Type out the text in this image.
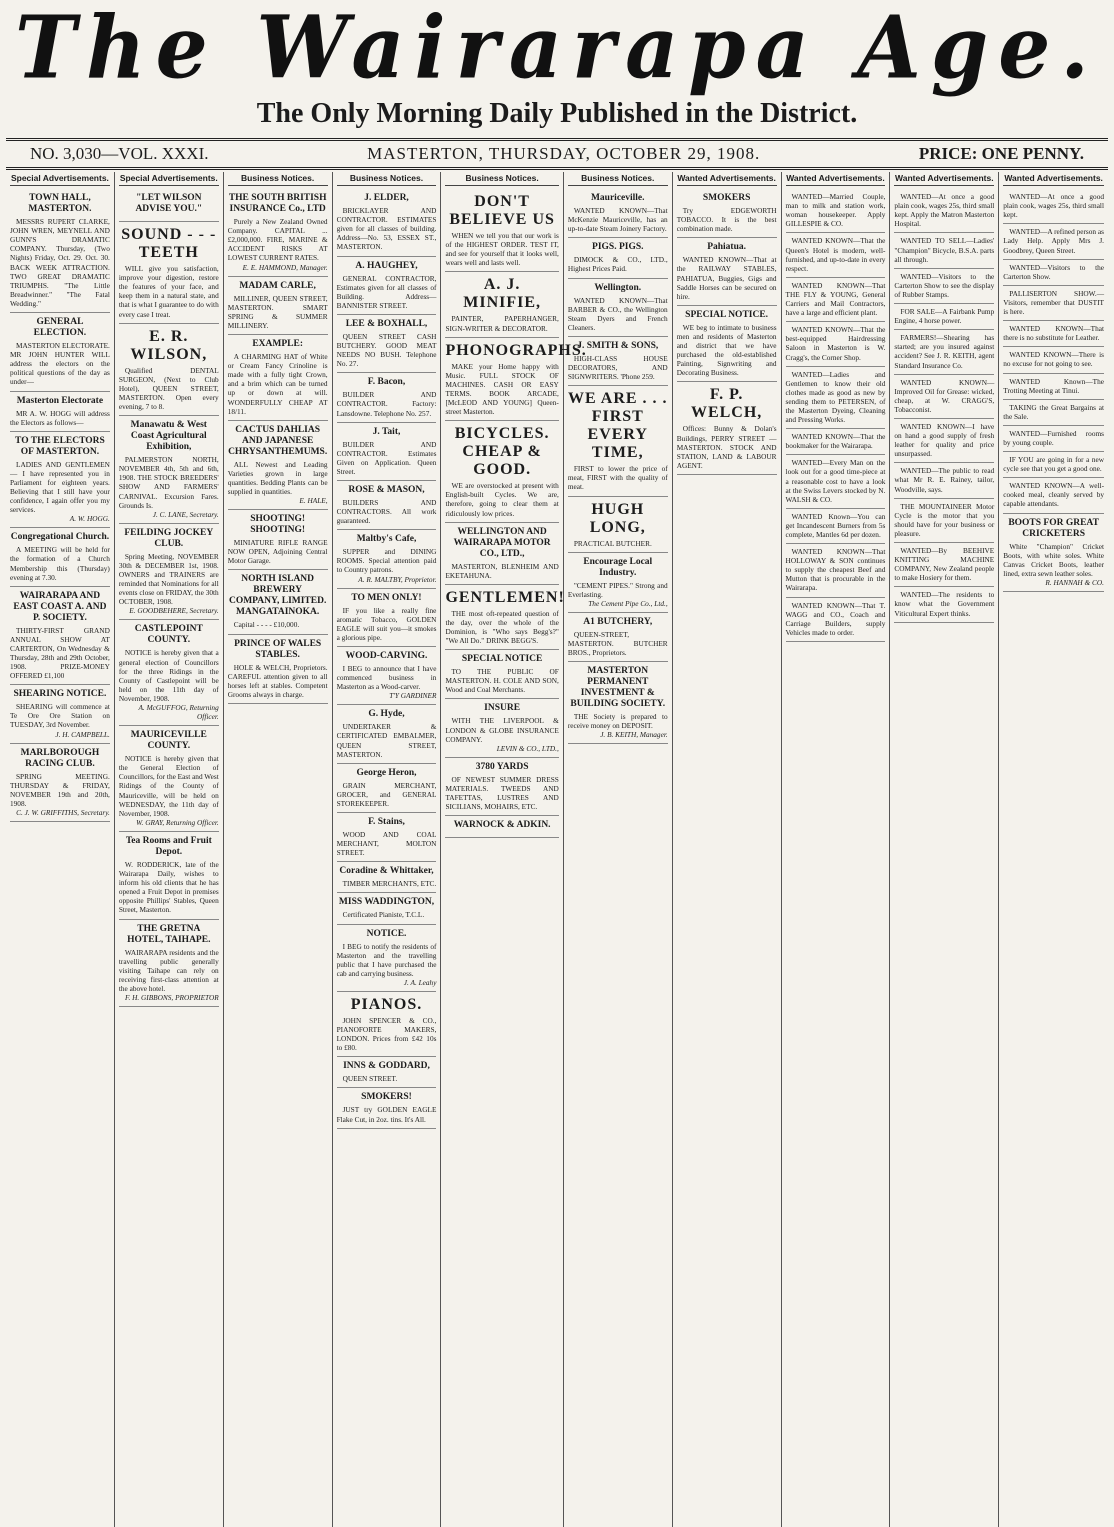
The Wairarapa Age.
The Only Morning Daily Published in the District.
NO. 3,030—VOL. XXXI.	MASTERTON, THURSDAY, OCTOBER 29, 1908.	PRICE: ONE PENNY.
Special Advertisements.
TOWN HALL, MASTERTON.

MESSRS RUPERT CLARKE, JOHN WREN, MEYNELL AND GUNN'S DRAMATIC COMPANY. Thursday, (Two Nights) Friday, Oct. 29. Oct. 30. BACK WEEK ATTRACTION. TWO GREAT DRAMATIC TRIUMPHS. "The Little Breadwinner." "The Fatal Wedding."

GENERAL ELECTION.

MASTERTON ELECTORATE. MR JOHN HUNTER WILL address the electors on the political questions of the day as under—

Masterton Electorate

MR A. W. HOGG will address the Electors as follows—

TO THE ELECTORS OF MASTERTON.

LADIES AND GENTLEMEN— I have represented you in Parliament for eighteen years. Believing that I still have your confidence, I again offer you my services.

A. W. HOGG.
Congregational Church.

A MEETING will be held for the formation of a Church Membership this (Thursday) evening at 7.30.

WAIRARAPA AND EAST COAST A. AND P. SOCIETY.

THIRTY-FIRST GRAND ANNUAL SHOW AT CARTERTON, On Wednesday & Thursday, 28th and 29th October, 1908. PRIZE-MONEY OFFERED £1,100

SHEARING NOTICE.

SHEARING will commence at Te Ore Ore Station on TUESDAY, 3rd November.

J. H. CAMPBELL.
MARLBOROUGH RACING CLUB.

SPRING MEETING. THURSDAY & FRIDAY, NOVEMBER 19th and 20th, 1908.

C. J. W. GRIFFITHS, Secretary.
Special Advertisements.
"LET WILSON ADVISE YOU."
SOUND - - - TEETH

WILL give you satisfaction, improve your digestion, restore the features of your face, and keep them in a natural state, and that is what I guarantee to do with every case I treat.

E. R. WILSON,

Qualified DENTAL SURGEON, (Next to Club Hotel), QUEEN STREET, MASTERTON. Open every evening, 7 to 8.

Manawatu & West Coast Agricultural Exhibition,

PALMERSTON NORTH, NOVEMBER 4th, 5th and 6th, 1908. THE STOCK BREEDERS' SHOW AND FARMERS' CARNIVAL. Excursion Fares. Grounds Is.

J. C. LANE, Secretary.
FEILDING JOCKEY CLUB.

Spring Meeting, NOVEMBER 30th & DECEMBER 1st, 1908. OWNERS and TRAINERS are reminded that Nominations for all events close on FRIDAY, the 30th OCTOBER, 1908.

E. GOODBEHERE, Secretary.
CASTLEPOINT COUNTY.

NOTICE is hereby given that a general election of Councillors for the three Ridings in the County of Castlepoint will be held on the 11th day of November, 1908.

A. McGUFFOG, Returning Officer.
MAURICEVILLE COUNTY.

NOTICE is hereby given that the General Election of Councillors, for the East and West Ridings of the County of Mauriceville, will be held on WEDNESDAY, the 11th day of November, 1908.

W. GRAY, Returning Officer.
Tea Rooms and Fruit Depot.

W. RODDERICK, late of the Wairarapa Daily, wishes to inform his old clients that he has opened a Fruit Depot in premises opposite Phillips' Stables, Queen Street, Masterton.

THE GRETNA HOTEL, TAIHAPE.

WAIRARAPA residents and the travelling public generally visiting Taihape can rely on receiving first-class attention at the above hotel.

F. H. GIBBONS, PROPRIETOR
Business Notices.
THE SOUTH BRITISH INSURANCE Co., LTD

Purely a New Zealand Owned Company. CAPITAL ... £2,000,000. FIRE, MARINE & ACCIDENT RISKS AT LOWEST CURRENT RATES.

E. E. HAMMOND, Manager.
MADAM CARLE,

MILLINER, QUEEN STREET, MASTERTON. SMART SPRING & SUMMER MILLINERY.

EXAMPLE:

A CHARMING HAT of White or Cream Fancy Crinoline is made with a fully tight Crown, and a brim which can be turned up or down at will. WONDERFULLY CHEAP AT 18/11.

CACTUS DAHLIAS AND JAPANESE CHRYSANTHEMUMS.

ALL Newest and Leading Varieties grown in large quantities. Bedding Plants can be supplied in quantities.

E. HALE,
SHOOTING! SHOOTING!

MINIATURE RIFLE RANGE NOW OPEN, Adjoining Central Motor Garage.

NORTH ISLAND BREWERY COMPANY, LIMITED. MANGATAINOKA.

Capital - - - - £10,000.

PRINCE OF WALES STABLES.

HOLE & WELCH, Proprietors. CAREFUL attention given to all horses left at stables. Competent Grooms always in charge.

Business Notices.
J. ELDER,

BRICKLAYER AND CONTRACTOR. ESTIMATES given for all classes of building. Address—No. 53, ESSEX ST., MASTERTON.

A. HAUGHEY,

GENERAL CONTRACTOR, Estimates given for all classes of Building. Address—BANNISTER STREET.

LEE & BOXHALL,

QUEEN STREET CASH BUTCHERY. GOOD MEAT NEEDS NO BUSH. Telephone No. 27.

F. Bacon,

BUILDER AND CONTRACTOR. Factory: Lansdowne. Telephone No. 257.

J. Tait,

BUILDER AND CONTRACTOR. Estimates Given on Application. Queen Street.

ROSE & MASON,

BUILDERS AND CONTRACTORS. All work guaranteed.

Maltby's Cafe,

SUPPER and DINING ROOMS. Special attention paid to Country patrons.

A. R. MALTBY, Proprietor.
TO MEN ONLY!

IF you like a really fine aromatic Tobacco, GOLDEN EAGLE will suit you—it smokes a glorious pipe.

WOOD-CARVING.

I BEG to announce that I have commenced business in Masterton as a Wood-carver.

T'Y GARDINER
G. Hyde,

UNDERTAKER & CERTIFICATED EMBALMER, QUEEN STREET, MASTERTON.

George Heron,

GRAIN MERCHANT, GROCER, and GENERAL STOREKEEPER.

F. Stains,

WOOD AND COAL MERCHANT, MOLTON STREET.

Coradine & Whittaker,

TIMBER MERCHANTS, ETC.

MISS WADDINGTON,

Certificated Pianiste, T.C.L.

NOTICE.

I BEG to notify the residents of Masterton and the travelling public that I have purchased the cab and carrying business.

J. A. Leahy
PIANOS.

JOHN SPENCER & CO., PIANOFORTE MAKERS, LONDON. Prices from £42 10s to £80.

INNS & GODDARD,

QUEEN STREET.

SMOKERS!

JUST try GOLDEN EAGLE Flake Cut, in 2oz. tins. It's All.

Business Notices.
DON'T BELIEVE US

WHEN we tell you that our work is of the HIGHEST ORDER. TEST IT, and see for yourself that it looks well, wears well and lasts well.

A. J. MINIFIE,

PAINTER, PAPERHANGER, SIGN-WRITER & DECORATOR.

PHONOGRAPHS.

MAKE your Home happy with Music. FULL STOCK OF MACHINES. CASH OR EASY TERMS. BOOK ARCADE, [McLEOD AND YOUNG] Queen-street Masterton.

BICYCLES. CHEAP & GOOD.

WE are overstocked at present with English-built Cycles. We are, therefore, going to clear them at ridiculously low prices.

WELLINGTON AND WAIRARAPA MOTOR CO., LTD.,

MASTERTON, BLENHEIM AND EKETAHUNA.

GENTLEMEN!

THE most oft-repeated question of the day, over the whole of the Dominion, is "Who says Begg's?" "We All Do." DRINK BEGG'S.

SPECIAL NOTICE

TO THE PUBLIC OF MASTERTON. H. COLE AND SON, Wood and Coal Merchants.

INSURE

WITH THE LIVERPOOL & LONDON & GLOBE INSURANCE COMPANY.

LEVIN & CO., LTD.,
3780 YARDS

OF NEWEST SUMMER DRESS MATERIALS. TWEEDS AND TAFETTAS, LUSTRES AND SICILIANS, MOHAIRS, ETC.

WARNOCK & ADKIN.
Business Notices.
Mauriceville.

WANTED KNOWN—That McKenzie Mauriceville, has an up-to-date Steam Joinery Factory.

PIGS. PIGS.

DIMOCK & CO., LTD., Highest Prices Paid.

Wellington.

WANTED KNOWN—That BARBER & CO., the Wellington Steam Dyers and French Cleaners.

J. SMITH & SONS,

HIGH-CLASS HOUSE DECORATORS, AND SIGNWRITERS. 'Phone 259.

WE ARE . . . FIRST EVERY TIME,

FIRST to lower the price of meat, FIRST with the quality of meat.

HUGH LONG,

PRACTICAL BUTCHER.

Encourage Local Industry.

"CEMENT PIPES." Strong and Everlasting.

The Cement Pipe Co., Ltd.,
A1 BUTCHERY,

QUEEN-STREET, MASTERTON. BUTCHER BROS., Proprietors.

MASTERTON PERMANENT INVESTMENT & BUILDING SOCIETY.

THE Society is prepared to receive money on DEPOSIT.

J. B. KEITH, Manager.
Wanted Advertisements.
SMOKERS

Try EDGEWORTH TOBACCO. It is the best combination made.

Pahiatua.

WANTED KNOWN—That at the RAILWAY STABLES, PAHIATUA, Buggies, Gigs and Saddle Horses can be secured on hire.

SPECIAL NOTICE.

WE beg to intimate to business men and residents of Masterton and district that we have purchased the old-established Painting, Signwriting and Decorating Business.

F. P. WELCH,

Offices: Bunny & Dolan's Buildings, PERRY STREET — MASTERTON. STOCK AND STATION, LAND & LABOUR AGENT.

Wanted Advertisements.

WANTED—Married Couple, man to milk and station work, woman housekeeper. Apply GILLESPIE & CO.

WANTED KNOWN—That the Queen's Hotel is modern, well-furnished, and up-to-date in every respect.

WANTED KNOWN—That THE FLY & YOUNG, General Carriers and Mail Contractors, have a large and efficient plant.

WANTED KNOWN—That the best-equipped Hairdressing Saloon in Masterton is W. Cragg's, the Corner Shop.

WANTED—Ladies and Gentlemen to know their old clothes made as good as new by sending them to PETERSEN, of the Masterton Dyeing, Cleaning and Pressing Works.

WANTED KNOWN—That the bookmaker for the Wairarapa.

WANTED—Every Man on the look out for a good time-piece at a reasonable cost to have a look at the Swiss Levers stocked by N. WALSH & CO.

WANTED Known—You can get Incandescent Burners from 5s complete, Mantles 6d per dozen.

WANTED KNOWN—That HOLLOWAY & SON continues to supply the cheapest Beef and Mutton that is procurable in the Wairarapa.

WANTED KNOWN—That T. WAGG and CO., Coach and Carriage Builders, supply Vehicles made to order.

Wanted Advertisements.

WANTED—At once a good plain cook, wages 25s, third small kept. Apply the Matron Masterton Hospital.

WANTED TO SELL—Ladies' "Champion" Bicycle, B.S.A. parts all through.

WANTED—Visitors to the Carterton Show to see the display of Rubber Stamps.

FOR SALE—A Fairbank Pump Engine, 4 horse power.

FARMERS!—Shearing has started; are you insured against accident? See J. R. KEITH, agent Standard Insurance Co.

WANTED KNOWN—Improved Oil for Grease: wicked, cheap, at W. CRAGG'S, Tobacconist.

WANTED KNOWN—I have on hand a good supply of fresh leather for quality and price unsurpassed.

WANTED—The public to read what Mr R. E. Rainey, tailor, Woodville, says.

THE MOUNTAINEER Motor Cycle is the motor that you should have for your business or pleasure.

WANTED—By BEEHIVE KNITTING MACHINE COMPANY, New Zealand people to make Hosiery for them.

WANTED—The residents to know what the Government Viticultural Expert thinks.

Wanted Advertisements.

WANTED—At once a good plain cook, wages 25s, third small kept.

WANTED—A refined person as Lady Help. Apply Mrs J. Goodbrey, Queen Street.

WANTED—Visitors to the Carterton Show.

PALLISERTON SHOW.—Visitors, remember that DUSTIT is here.

WANTED KNOWN—That there is no substitute for Leather.

WANTED KNOWN—There is no excuse for not going to see.

WANTED Known—The Trotting Meeting at Tinui.

TAKING the Great Bargains at the Sale.

WANTED—Furnished rooms by young couple.

IF YOU are going in for a new cycle see that you get a good one.

WANTED KNOWN—A well-cooked meal, cleanly served by capable attendants.

BOOTS FOR GREAT CRICKETERS

White "Champion" Cricket Boots, with white soles. White Canvas Cricket Boots, leather lined, extra sewn leather soles.

R. HANNAH & CO.
